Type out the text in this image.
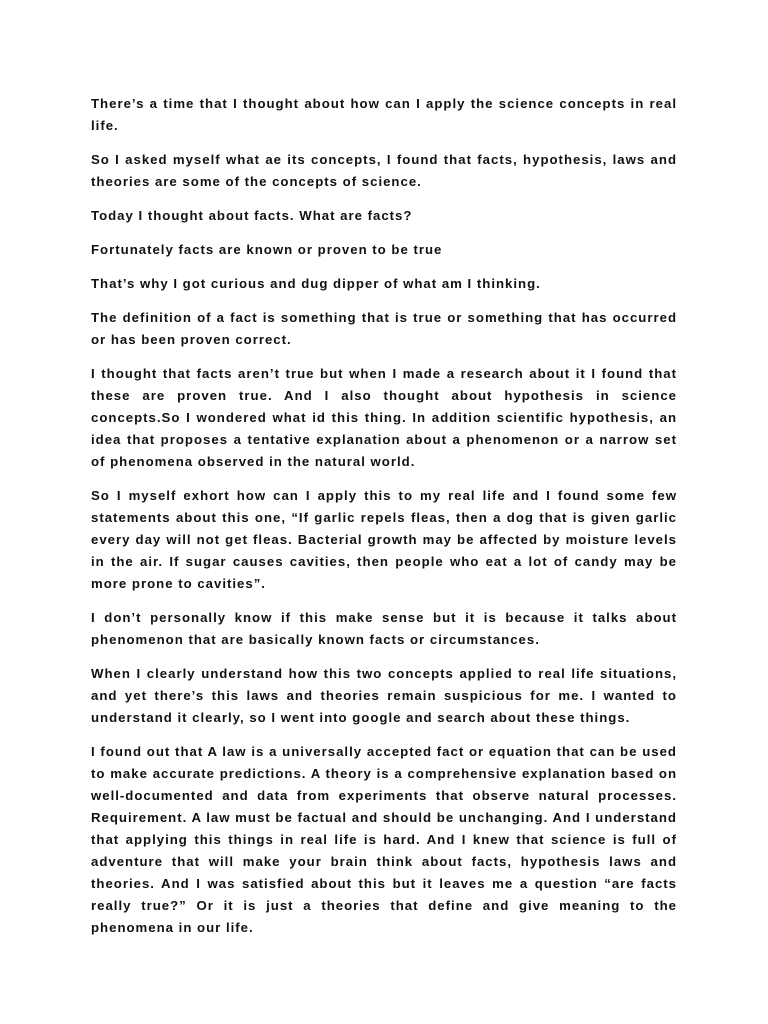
There’s a time that I thought about how can I apply the science concepts in real life.

So I asked myself what ae its concepts, I found that facts, hypothesis, laws and theories are some of the concepts of science.

Today I thought about facts. What are facts?

Fortunately facts are known or proven to be true

That’s why I got curious and dug dipper of what am I thinking.

The definition of a fact is something that is true or something that has occurred or has been proven correct.

I thought that facts aren’t true but when I made a research about it I found that these are proven true. And I also thought about hypothesis in science concepts.So I wondered what id this thing. In addition scientific hypothesis, an idea that proposes a tentative explanation about a phenomenon or a narrow set of phenomena observed in the natural world.

So I myself exhort how can I apply this to my real life and I found some few statements about this one, “If garlic repels fleas, then a dog that is given garlic every day will not get fleas. Bacterial growth may be affected by moisture levels in the air. If sugar causes cavities, then people who eat a lot of candy may be more prone to cavities”.

I don’t personally know if this make sense but it is because it talks about phenomenon that are basically known facts or circumstances.

When I clearly understand how this two concepts applied to real life situations, and yet there’s this laws and theories remain suspicious for me. I wanted to understand it clearly, so I went into google and search about these things.

I found out that A law is a universally accepted fact or equation that can be used to make accurate predictions. A theory is a comprehensive explanation based on well-documented and data from experiments that observe natural processes. Requirement. A law must be factual and should be unchanging. And I understand that applying this things in real life is hard. And I knew that science is full of adventure that will make your brain think about facts, hypothesis laws and theories. And I was satisfied about this but it leaves me a question “are facts really true?” Or it is just a theories that define and give meaning to the phenomena in our life.
